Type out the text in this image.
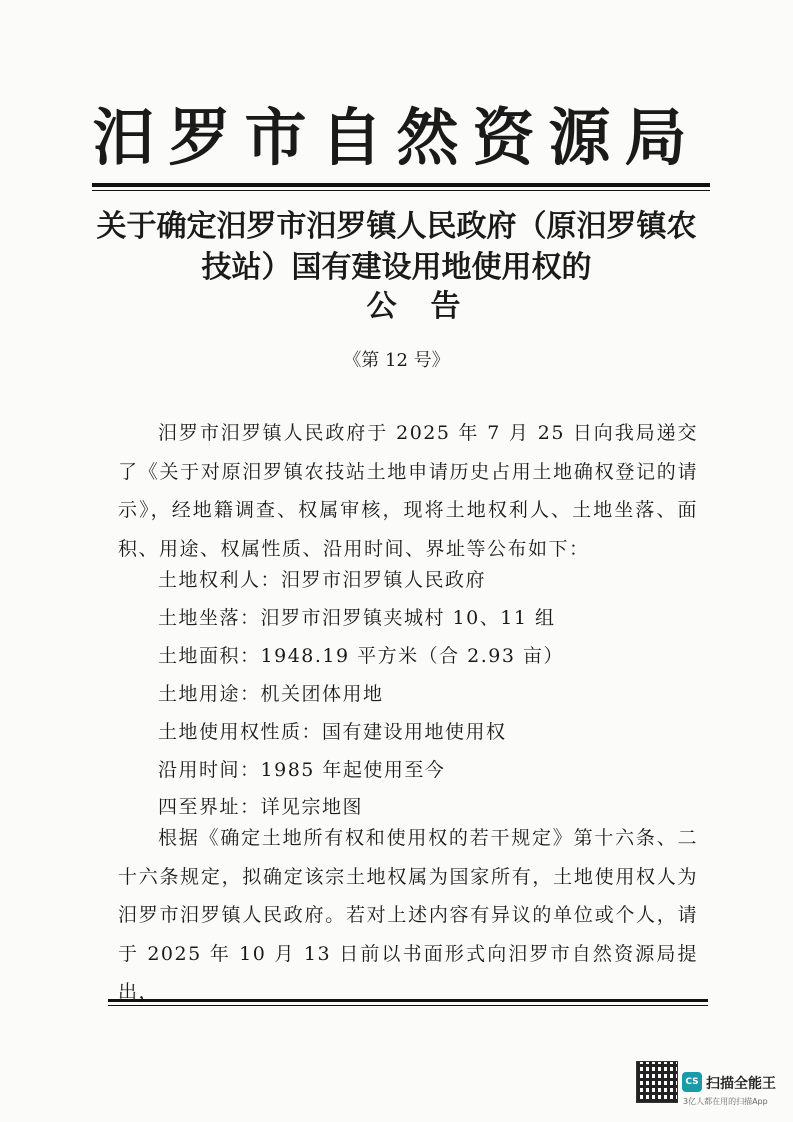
汨罗市自然资源局
关于确定汨罗市汨罗镇人民政府（原汨罗镇农
技站）国有建设用地使用权的
公告
《第 12 号》

汨罗市汨罗镇人民政府于 2025 年 7 月 25 日向我局递交了《关于对原汨罗镇农技站土地申请历史占用土地确权登记的请示》，经地籍调查、权属审核，现将土地权利人、土地坐落、面积、用途、权属性质、沿用时间、界址等公布如下：

土地权利人：汨罗市汨罗镇人民政府
土地坐落：汨罗市汨罗镇夹城村 10、11 组
土地面积：1948.19 平方米（合 2.93 亩）
土地用途：机关团体用地
土地使用权性质：国有建设用地使用权
沿用时间：1985 年起使用至今
四至界址：详见宗地图

根据《确定土地所有权和使用权的若干规定》第十六条、二十六条规定，拟确定该宗土地权属为国家所有，土地使用权人为汨罗市汨罗镇人民政府。若对上述内容有异议的单位或个人，请于 2025 年 10 月 13 日前以书面形式向汨罗市自然资源局提出，

CS 扫描全能王
3亿人都在用的扫描App
